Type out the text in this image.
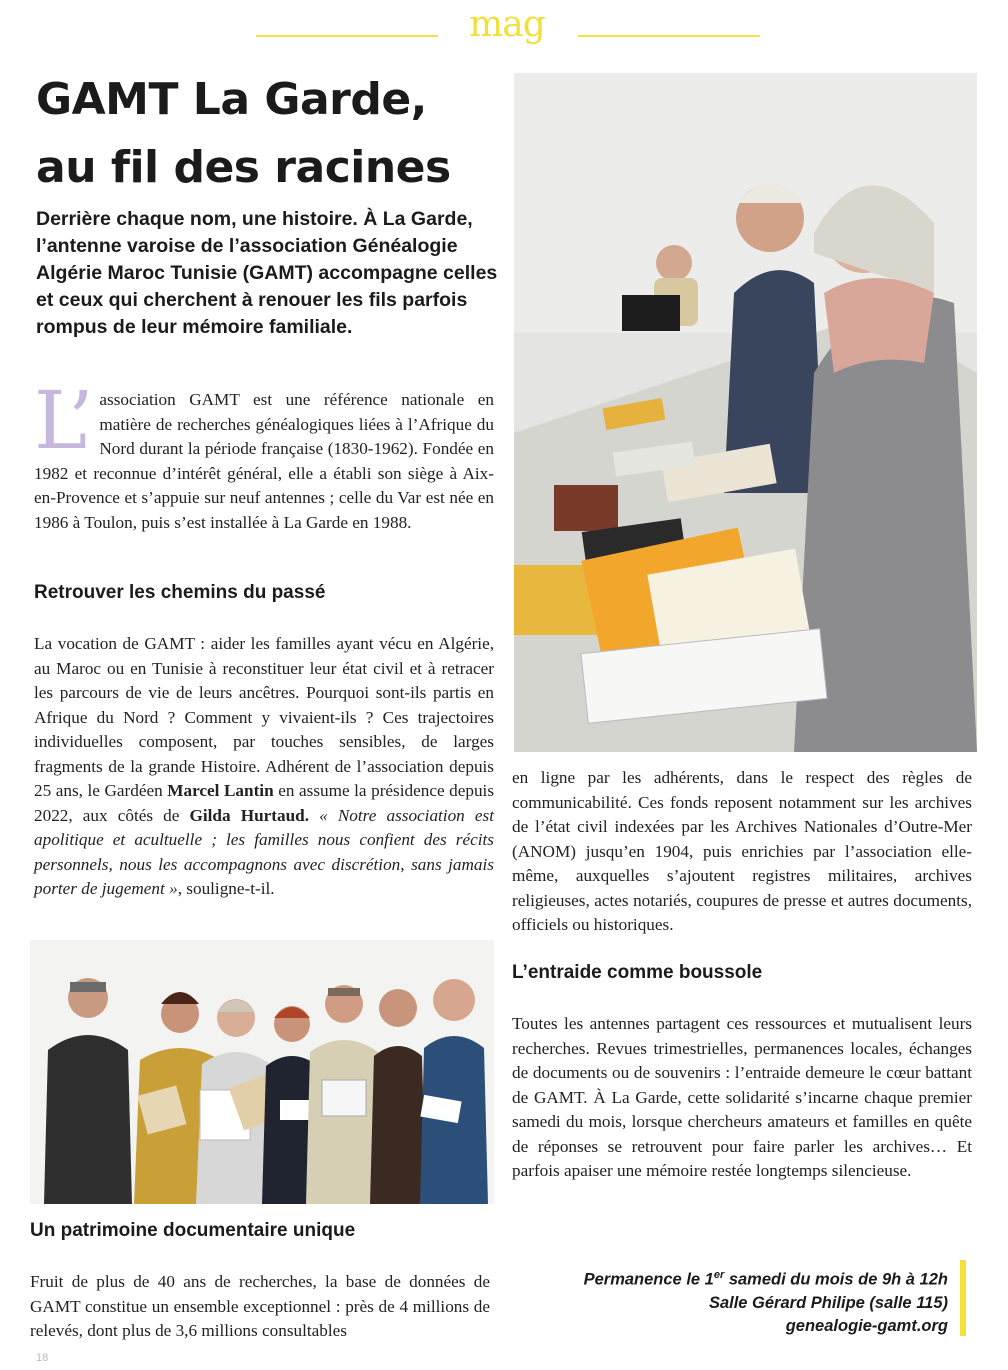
mag
GAMT La Garde,
au fil des racines

Derrière chaque nom, une histoire. À La Garde, l’antenne varoise de l’association Généalogie Algérie Maroc Tunisie (GAMT) accompagne celles et ceux qui cherchent à renouer les fils parfois rompus de leur mémoire familiale.

L’ association GAMT est une référence nationale en matière de recherches généalogiques liées à l’Afrique du Nord durant la période française (1830-1962). Fondée en 1982 et reconnue d’intérêt général, elle a établi son siège à Aix-en-Provence et s’appuie sur neuf antennes ; celle du Var est née en 1986 à Toulon, puis s’est installée à La Garde en 1988.

Retrouver les chemins du passé

La vocation de GAMT : aider les familles ayant vécu en Algérie, au Maroc ou en Tunisie à reconstituer leur état civil et à retracer les parcours de vie de leurs ancêtres. Pourquoi sont-ils partis en Afrique du Nord ? Comment y vivaient-ils ? Ces trajectoires individuelles composent, par touches sensibles, de larges fragments de la grande Histoire. Adhérent de l’association depuis 25 ans, le Gardéen Marcel Lantin en assume la présidence depuis 2022, aux côtés de Gilda Hurtaud. « Notre association est apolitique et acultuelle ; les familles nous confient des récits personnels, nous les accompagnons avec discrétion, sans jamais porter de jugement », souligne-t-il.

Un patrimoine documentaire unique

Fruit de plus de 40 ans de recherches, la base de données de GAMT constitue un ensemble exceptionnel : près de 4 millions de relevés, dont plus de 3,6 millions consultables

en ligne par les adhérents, dans le respect des règles de communicabilité. Ces fonds reposent notamment sur les archives de l’état civil indexées par les Archives Nationales d’Outre-Mer (ANOM) jusqu’en 1904, puis enrichies par l’association elle-même, auxquelles s’ajoutent registres militaires, archives religieuses, actes notariés, coupures de presse et autres documents, officiels ou historiques.

L’entraide comme boussole

Toutes les antennes partagent ces ressources et mutualisent leurs recherches. Revues trimestrielles, permanences locales, échanges de documents ou de souvenirs : l’entraide demeure le cœur battant de GAMT. À La Garde, cette solidarité s’incarne chaque premier samedi du mois, lorsque chercheurs amateurs et familles en quête de réponses se retrouvent pour faire parler les archives… Et parfois apaiser une mémoire restée longtemps silencieuse.

Permanence le 1er samedi du mois de 9h à 12h
Salle Gérard Philipe (salle 115)
genealogie-gamt.org
18
